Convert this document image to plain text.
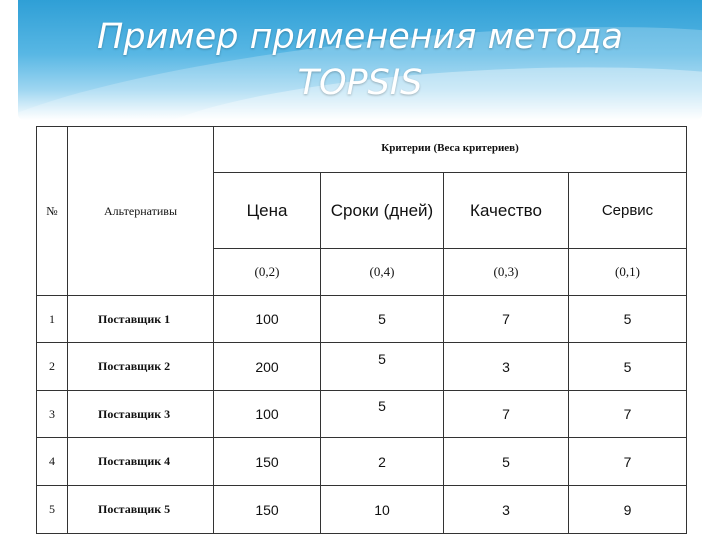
Пример применения метода
TOPSIS
№	Альтернативы	Критерии (Веса критериев)			
		Цена	Сроки (дней)	Качество	Сервис
		(0,2)	(0,4)	(0,3)	(0,1)
1	Поставщик 1	100	5	7	5
2	Поставщик 2	200	5	3	5
3	Поставщик 3	100	5	7	7
4	Поставщик 4	150	2	5	7
5	Поставщик 5	150	10	3	9
